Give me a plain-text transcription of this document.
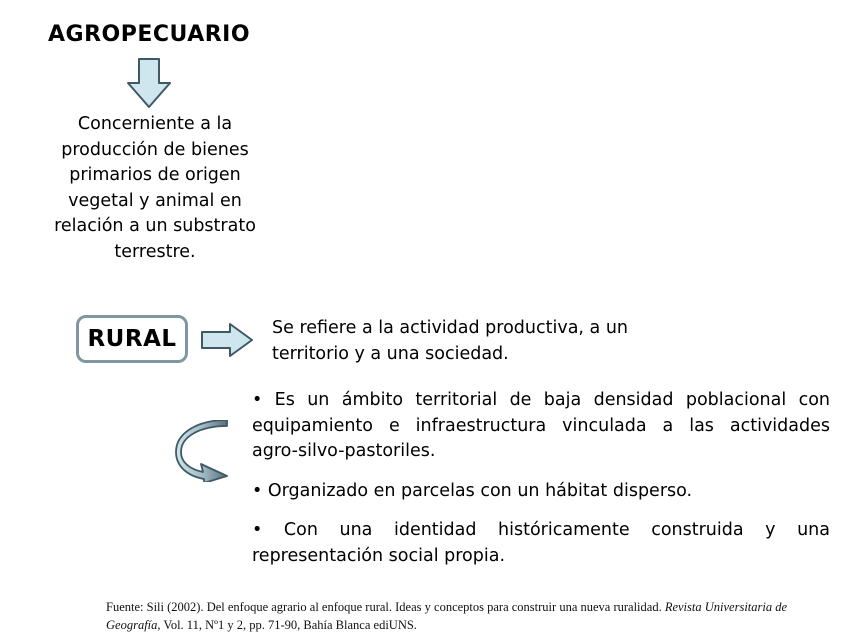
AGROPECUARIO
Concerniente a la
producción de bienes
primarios de origen
vegetal y animal en
relación a un substrato
terrestre.
RURAL	Se refiere a la actividad productiva, a un
territorio y a una sociedad.
• Es un ámbito territorial de baja densidad poblacional con
equipamiento e infraestructura vinculada a las actividades
agro-silvo-pastoriles.
• Organizado en parcelas con un hábitat disperso.
• Con una identidad históricamente construida y una
representación social propia.
Fuente: Sili (2002). Del enfoque agrario al enfoque rural. Ideas y conceptos para construir una nueva ruralidad. Revista Universitaria de Geografía, Vol. 11, Nº1 y 2, pp. 71-90, Bahía Blanca ediUNS.
